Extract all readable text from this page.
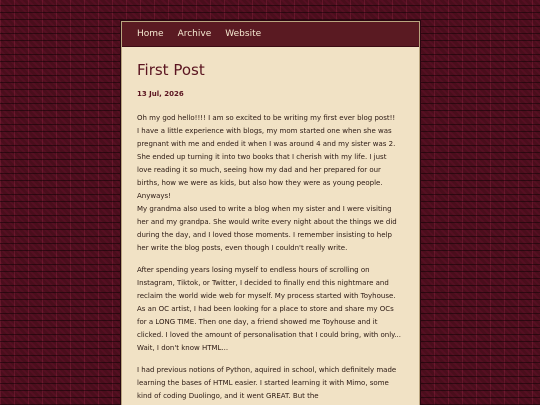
Home Archive Website
First Post
13 Jul, 2026

Oh my god hello!!!! I am so excited to be writing my first ever blog post!!
I have a little experience with blogs, my mom started one when she was pregnant with me and ended it when I was around 4 and my sister was 2. She ended up turning it into two books that I cherish with my life. I just love reading it so much, seeing how my dad and her prepared for our births, how we were as kids, but also how they were as young people. Anyways!
My grandma also used to write a blog when my sister and I were visiting her and my grandpa. She would write every night about the things we did during the day, and I loved those moments. I remember insisting to help her write the blog posts, even though I couldn't really write.

After spending years losing myself to endless hours of scrolling on Instagram, Tiktok, or Twitter, I decided to finally end this nightmare and reclaim the world wide web for myself. My process started with Toyhouse. As an OC artist, I had been looking for a place to store and share my OCs for a LONG TIME. Then one day, a friend showed me Toyhouse and it clicked. I loved the amount of personalisation that I could bring, with only... Wait, I don't know HTML...

I had previous notions of Python, aquired in school, which definitely made learning the bases of HTML easier. I started learning it with Mimo, some kind of coding Duolingo, and it went GREAT. But the
